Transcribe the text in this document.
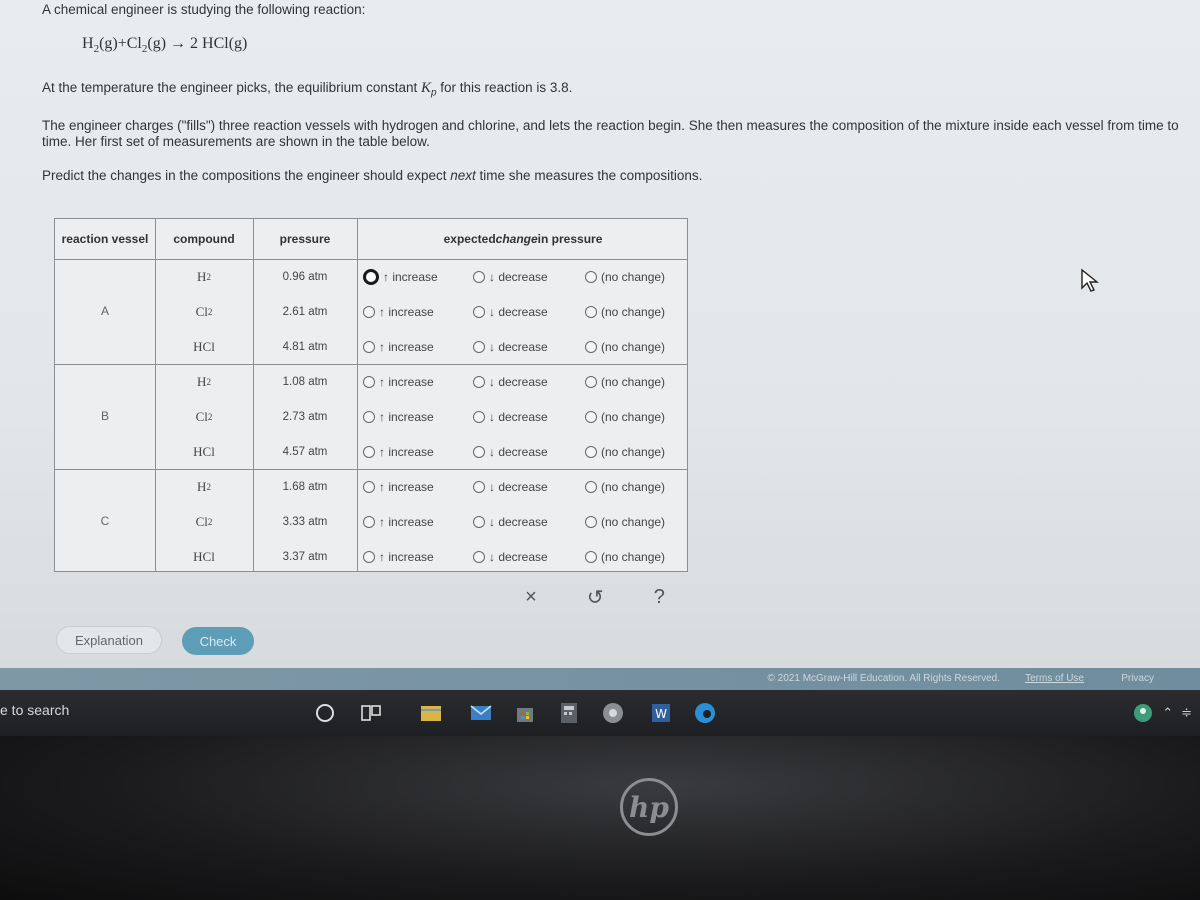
A chemical engineer is studying the following reaction:
$H_2(g)+Cl_2(g) \to 2$ HCl(g)
At the temperature the engineer picks, the equilibrium constant $K_p$ for this reaction is 3.8.
The engineer charges ("fills") three reaction vessels with hydrogen and chlorine, and lets the reaction begin. She then measures the composition of the mixture inside each vessel from time to time. Her first set of measurements are shown in the table below.
Predict the changes in the compositions the engineer should expect next time she measures the compositions.
reaction vessel	compound	pressure	expected change in pressure
A
H 2	0.96 atm	↑ increase	↓ decrease	(no change)
Cl 2	2.61 atm	↑ increase	↓ decrease	(no change)
HCl	4.81 atm	↑ increase	↓ decrease	(no change)
B
H 2	1.08 atm	↑ increase	↓ decrease	(no change)
Cl 2	2.73 atm	↑ increase	↓ decrease	(no change)
HCl	4.57 atm	↑ increase	↓ decrease	(no change)
C
H 2	1.68 atm	↑ increase	↓ decrease	(no change)
Cl 2	3.33 atm	↑ increase	↓ decrease	(no change)
HCl	3.37 atm	↑ increase	↓ decrease	(no change)
×	↺	?
Explanation	Check
© 2021 McGraw-Hill Education. All Rights Reserved.	Terms of Use	Privacy
e to search	W	⌃ ≑
hp
